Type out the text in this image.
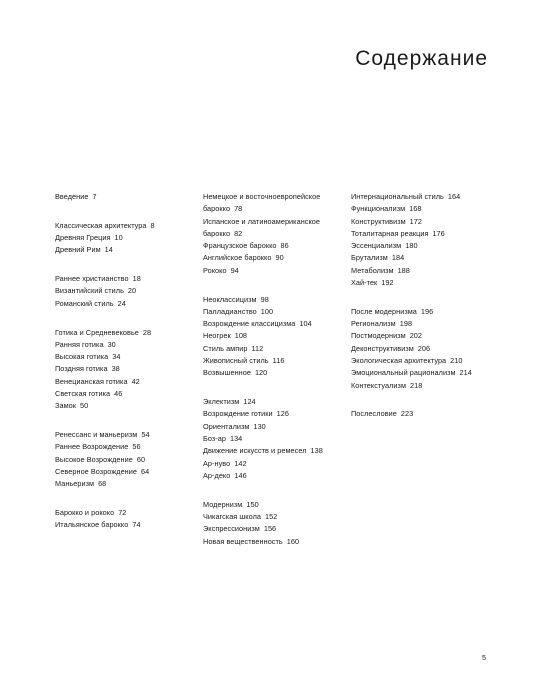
Содержание
Введение 7
Классическая архитектура 8
Древняя Греция 10
Древний Рим 14
Раннее христианство 18
Византийский стиль 20
Романский стиль 24
Готика и Средневековье 28
Ранняя готика 30
Высокая готика 34
Поздняя готика 38
Венецианская готика 42
Светская готика 46
Замок 50
Ренессанс и маньеризм 54
Раннее Возрождение 56
Высокое Возрождение 60
Северное Возрождение 64
Маньеризм 68
Барокко и рококо 72
Итальянское барокко 74
Немецкое и восточноевропейское
барокко 78
Испанское и латиноамериканское
барокко 82
Французское барокко 86
Английское барокко 90
Рококо 94
Неоклассицизм 98
Палладианство 100
Возрождение классицизма 104
Неогрек 108
Стиль ампир 112
Живописный стиль 116
Возвышенное 120
Эклектизм 124
Возрождение готики 126
Ориентализм 130
Боз-ар 134
Движение искусств и ремесел 138
Ар-нуво 142
Ар-деко 146
Модернизм 150
Чикагская школа 152
Экспрессионизм 156
Новая вещественность 160
Интернациональный стиль 164
Функционализм 168
Конструктивизм 172
Тоталитарная реакция 176
Эссенциализм 180
Брутализм 184
Метаболизм 188
Хай-тек 192
После модернизма 196
Регионализм 198
Постмодернизм 202
Деконструктивизм 206
Экологическая архитектура 210
Эмоциональный рационализм 214
Контекстуализм 218
Послесловие 223
5
